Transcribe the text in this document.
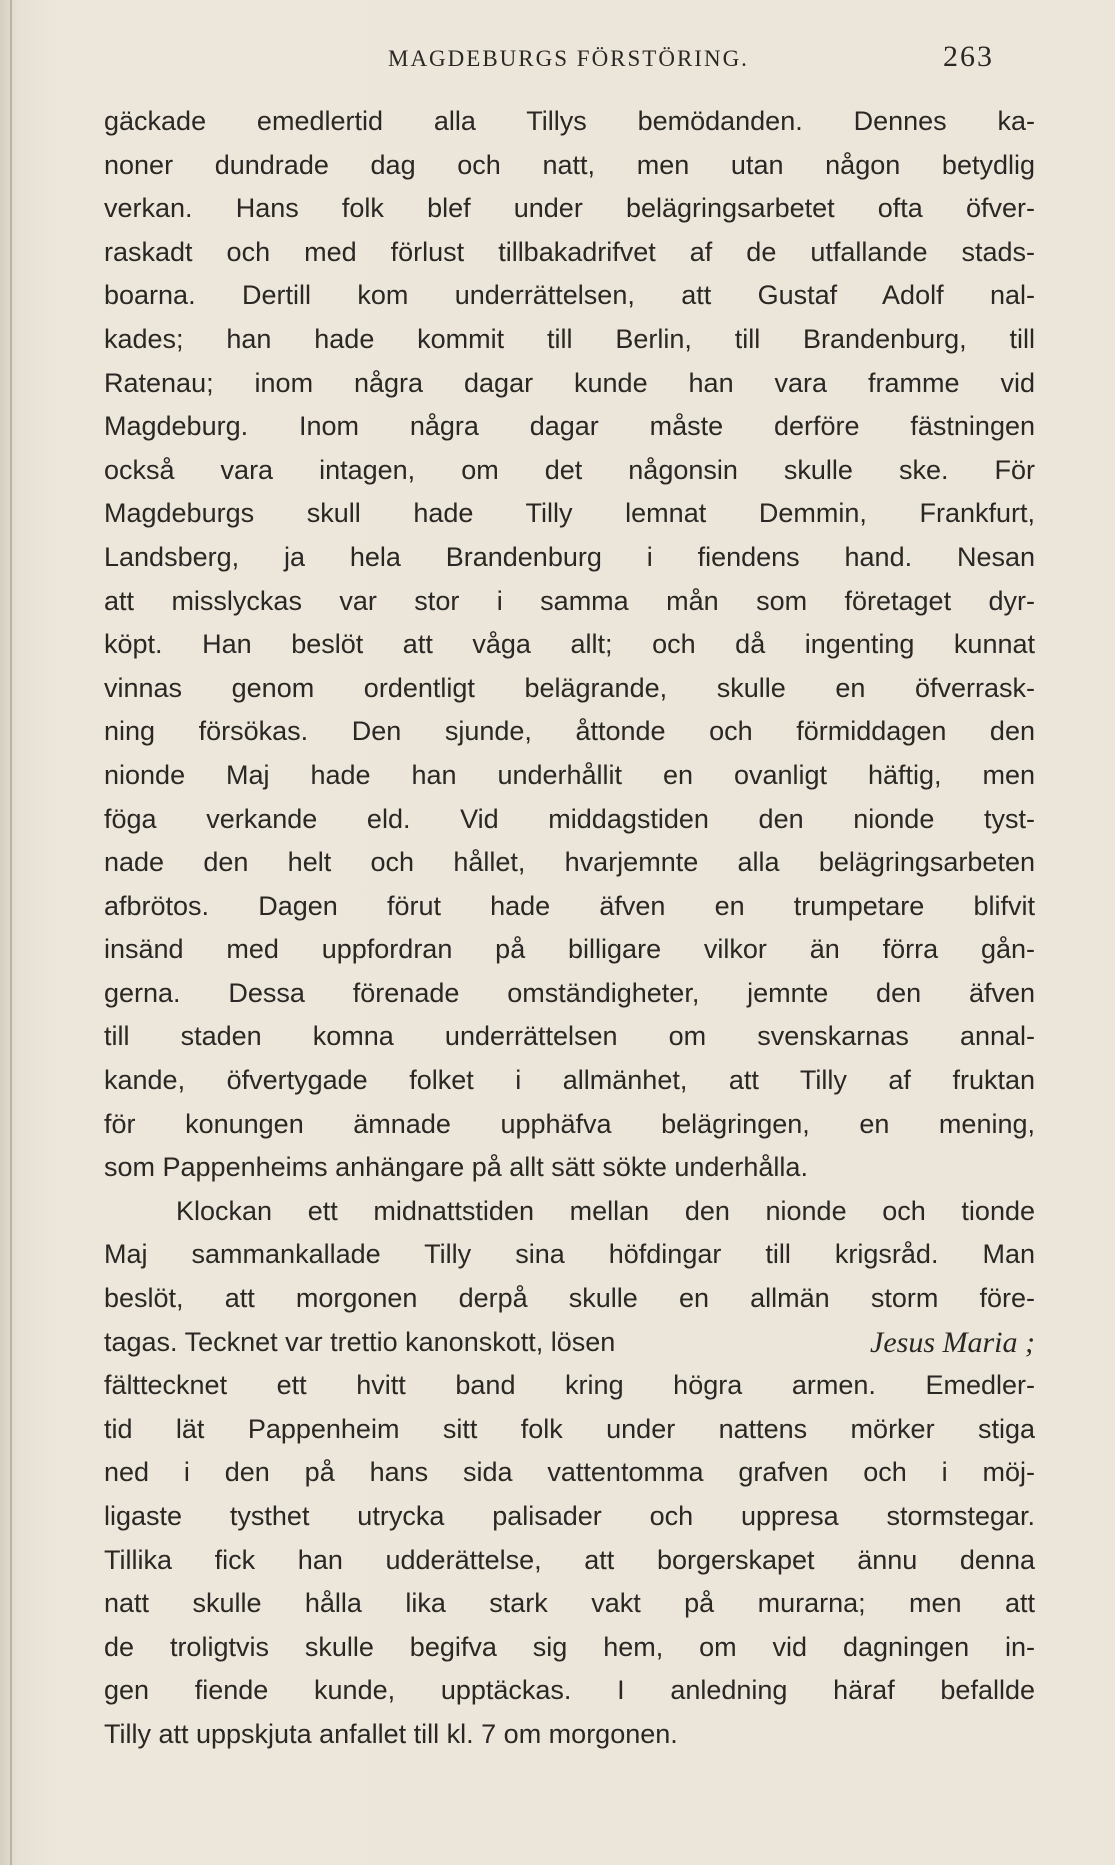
MAGDEBURGS FÖRSTÖRING.	263
gäckade emedlertid alla Tillys bemödanden. Dennes ka-
noner dundrade dag och natt, men utan någon betydlig
verkan. Hans folk blef under belägringsarbetet ofta öfver-
raskadt och med förlust tillbakadrifvet af de utfallande stads-
boarna. Dertill kom underrättelsen, att Gustaf Adolf nal-
kades; han hade kommit till Berlin, till Brandenburg, till
Ratenau; inom några dagar kunde han vara framme vid
Magdeburg. Inom några dagar måste derföre fästningen
också vara intagen, om det någonsin skulle ske. För
Magdeburgs skull hade Tilly lemnat Demmin, Frankfurt,
Landsberg, ja hela Brandenburg i fiendens hand. Nesan
att misslyckas var stor i samma mån som företaget dyr-
köpt. Han beslöt att våga allt; och då ingenting kunnat
vinnas genom ordentligt belägrande, skulle en öfverrask-
ning försökas. Den sjunde, åttonde och förmiddagen den
nionde Maj hade han underhållit en ovanligt häftig, men
föga verkande eld. Vid middagstiden den nionde tyst-
nade den helt och hållet, hvarjemnte alla belägringsarbeten
afbrötos. Dagen förut hade äfven en trumpetare blifvit
insänd med uppfordran på billigare vilkor än förra gån-
gerna. Dessa förenade omständigheter, jemnte den äfven
till staden komna underrättelsen om svenskarnas annal-
kande, öfvertygade folket i allmänhet, att Tilly af fruktan
för konungen ämnade upphäfva belägringen, en mening,
som Pappenheims anhängare på allt sätt sökte underhålla.
Klockan ett midnattstiden mellan den nionde och tionde
Maj sammankallade Tilly sina höfdingar till krigsråd. Man
beslöt, att morgonen derpå skulle en allmän storm före-
tagas. Tecknet var trettio kanonskott, lösen	Jesus Maria ;
fälttecknet ett hvitt band kring högra armen. Emedler-
tid lät Pappenheim sitt folk under nattens mörker stiga
ned i den på hans sida vattentomma grafven och i möj-
ligaste tysthet utrycka palisader och uppresa stormstegar.
Tillika fick han udderättelse, att borgerskapet ännu denna
natt skulle hålla lika stark vakt på murarna; men att
de troligtvis skulle begifva sig hem, om vid dagningen in-
gen fiende kunde, upptäckas. I anledning häraf befallde
Tilly att uppskjuta anfallet till kl. 7 om morgonen.
